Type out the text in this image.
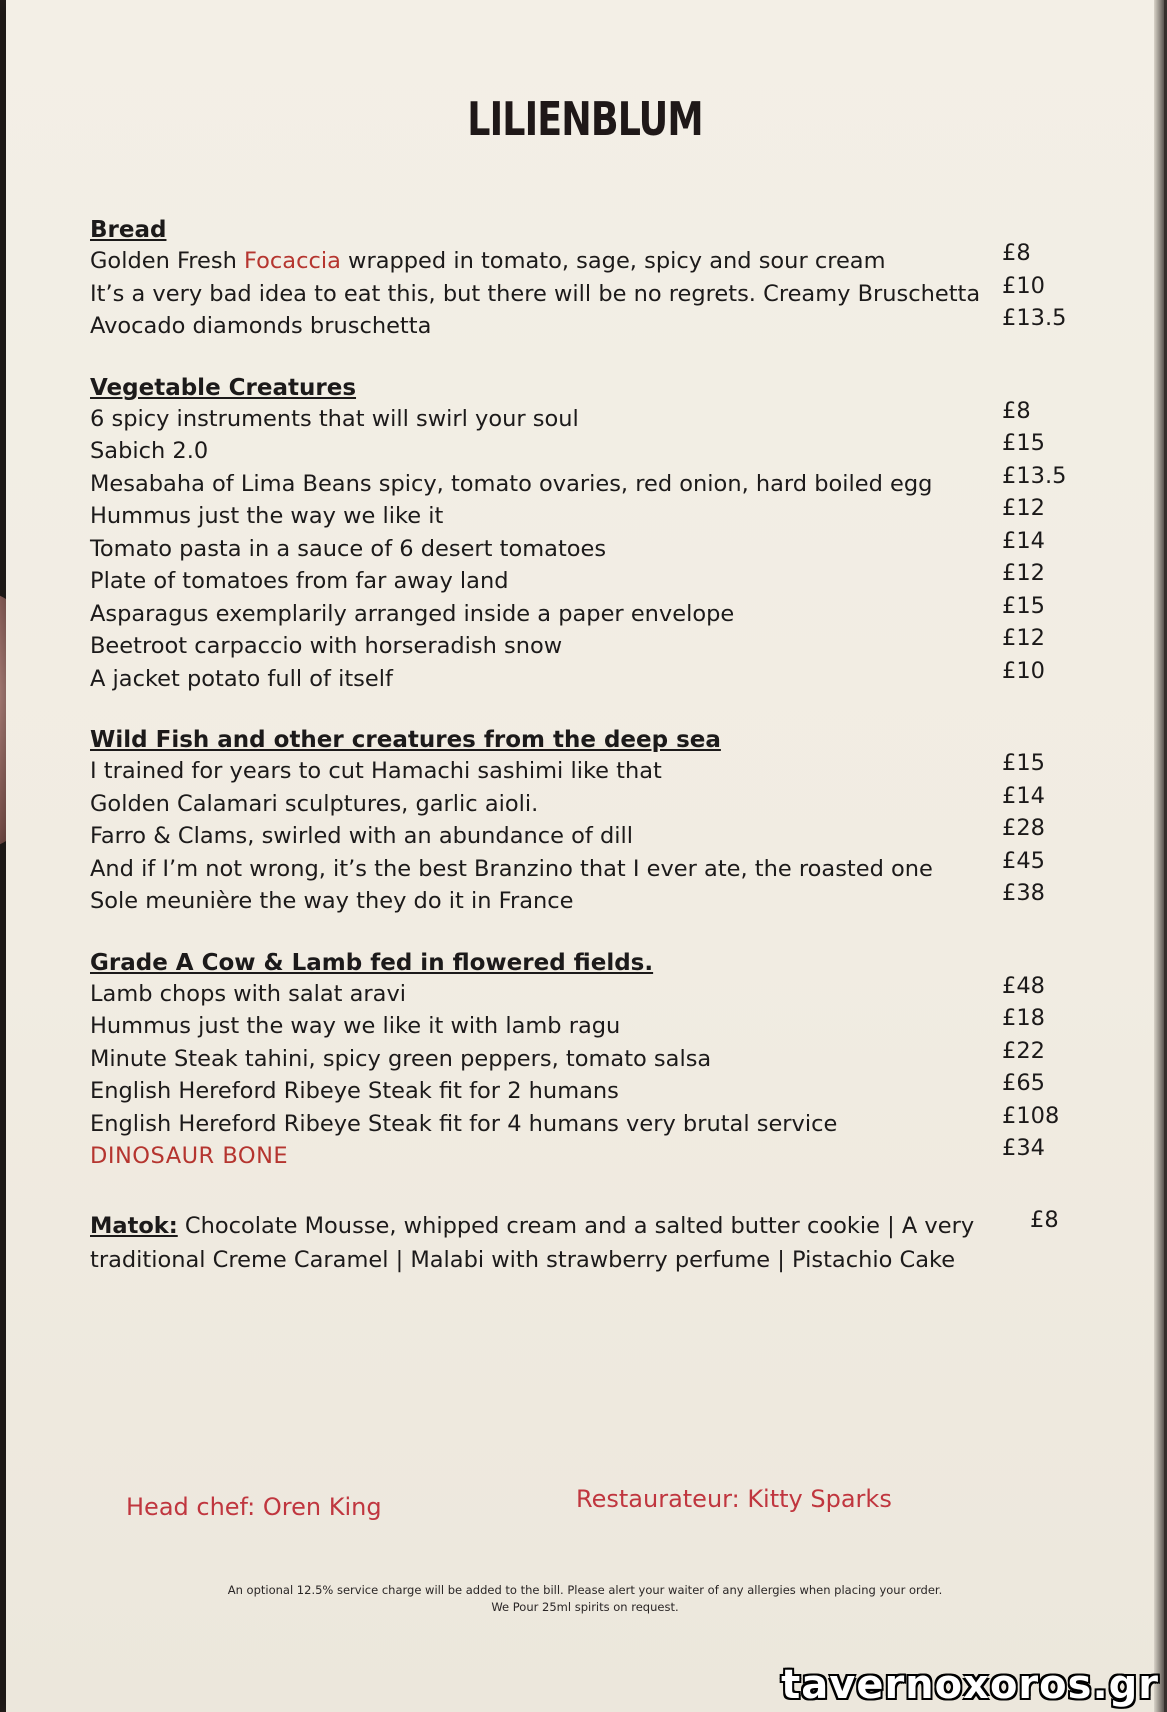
LILIENBLUM
Bread
Golden Fresh Focaccia wrapped in tomato, sage, spicy and sour cream	£8
It’s a very bad idea to eat this, but there will be no regrets. Creamy Bruschetta £10
Avocado diamonds bruschetta	£13.5
Vegetable Creatures
6 spicy instruments that will swirl your soul	£8
Sabich 2.0	£15
Mesabaha of Lima Beans spicy, tomato ovaries, red onion, hard boiled egg	£13.5
Hummus just the way we like it	£12
Tomato pasta in a sauce of 6 desert tomatoes	£14
Plate of tomatoes from far away land	£12
Asparagus exemplarily arranged inside a paper envelope	£15
Beetroot carpaccio with horseradish snow	£12
A jacket potato full of itself	£10
Wild Fish and other creatures from the deep sea
I trained for years to cut Hamachi sashimi like that	£15
Golden Calamari sculptures, garlic aioli.	£14
Farro & Clams, swirled with an abundance of dill	£28
And if I’m not wrong, it’s the best Branzino that I ever ate, the roasted one	£45
Sole meunière the way they do it in France	£38
Grade A Cow & Lamb fed in flowered fields.
Lamb chops with salat aravi	£48
Hummus just the way we like it with lamb ragu	£18
Minute Steak tahini, spicy green peppers, tomato salsa	£22
English Hereford Ribeye Steak fit for 2 humans	£65
English Hereford Ribeye Steak fit for 4 humans very brutal service	£108
DINOSAUR BONE	£34
Matok: Chocolate Mousse, whipped cream and a salted butter cookie | A very traditional Creme Caramel | Malabi with strawberry perfume | Pistachio Cake
£8
Head chef: Oren King	Restaurateur: Kitty Sparks
An optional 12.5% service charge will be added to the bill. Please alert your waiter of any allergies when placing your order.
We Pour 25ml spirits on request.
tavernoxoros.gr
